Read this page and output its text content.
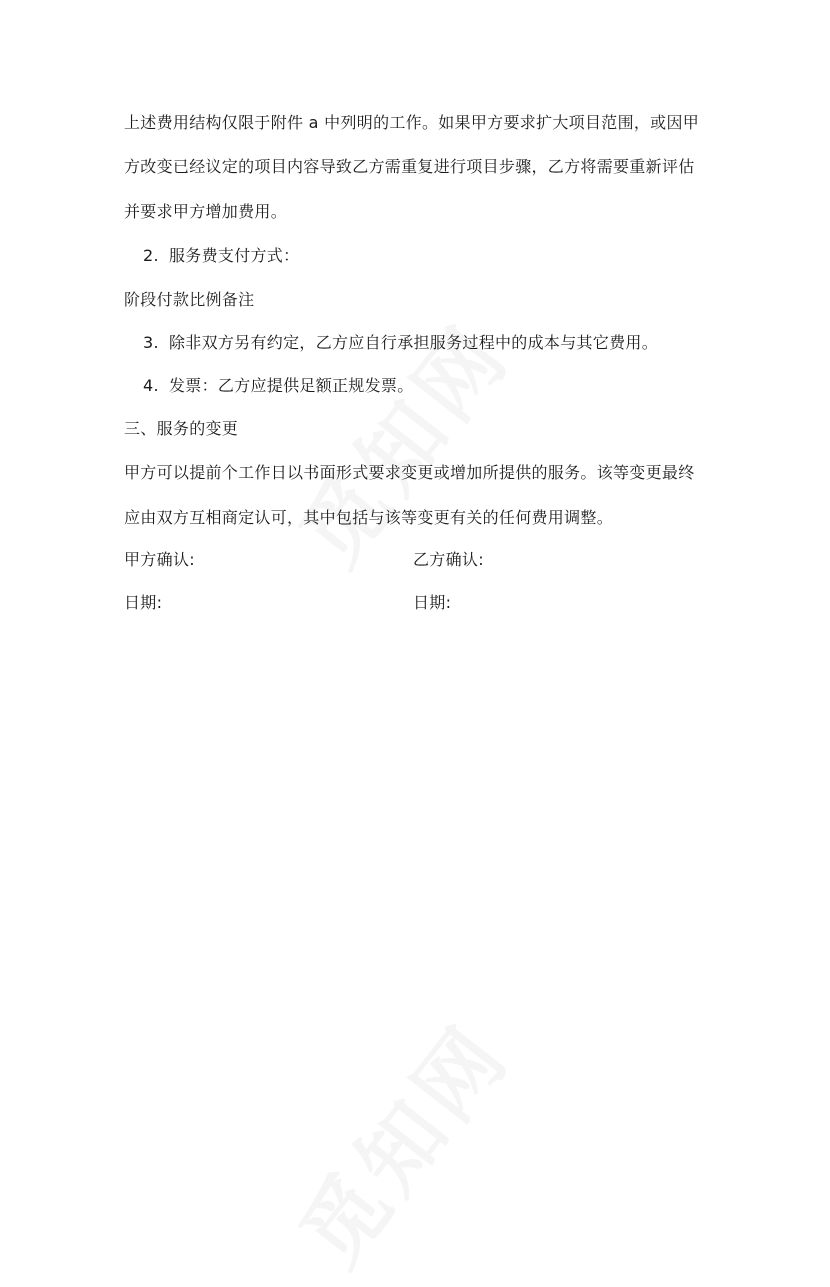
上述费用结构仅限于附件 a 中列明的工作。如果甲方要求扩大项目范围，或因甲
方改变已经议定的项目内容导致乙方需重复进行项目步骤，乙方将需要重新评估
并要求甲方增加费用。
2. 服务费支付方式：
阶段付款比例备注
3. 除非双方另有约定，乙方应自行承担服务过程中的成本与其它费用。
4. 发票：乙方应提供足额正规发票。
三、服务的变更
甲方可以提前个工作日以书面形式要求变更或增加所提供的服务。该等变更最终
应由双方互相商定认可，其中包括与该等变更有关的任何费用调整。
甲方确认:	乙方确认:
日期:	日期:
